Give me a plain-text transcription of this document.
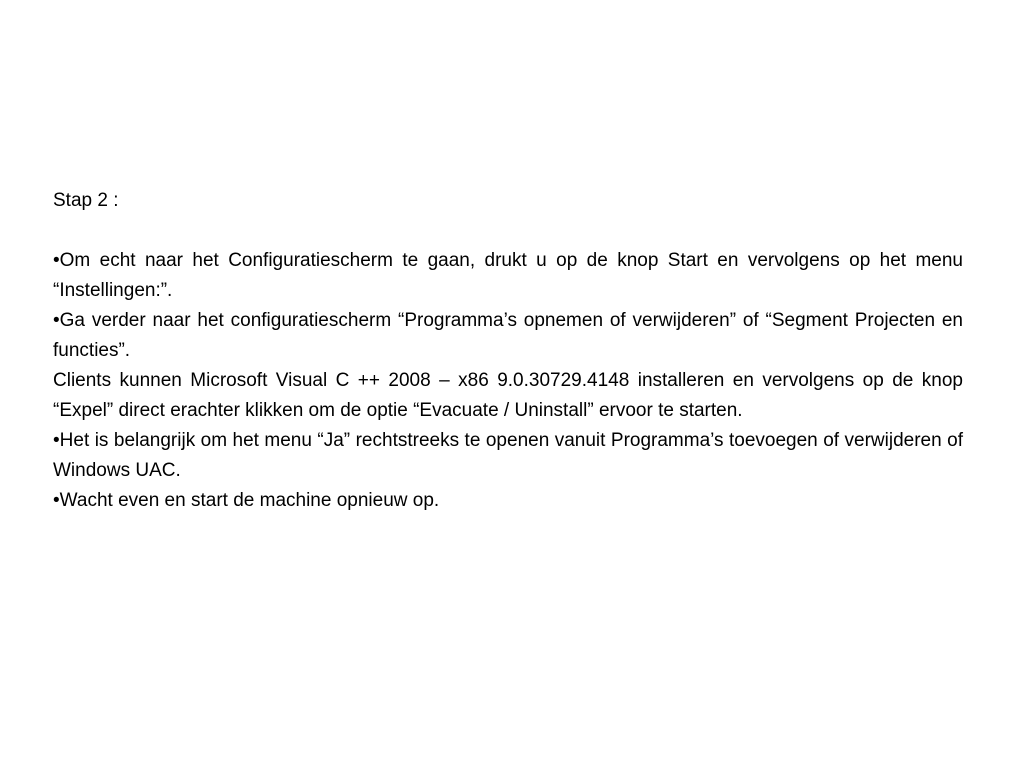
Stap 2 :

•Om echt naar het Configuratiescherm te gaan, drukt u op de knop Start en vervolgens op het menu “Instellingen:”.

•Ga verder naar het configuratiescherm “Programma’s opnemen of verwijderen” of “Segment Projecten en functies”.

Clients kunnen Microsoft Visual C ++ 2008 – x86 9.0.30729.4148 installeren en vervolgens op de knop “Expel” direct erachter klikken om de optie “Evacuate / Uninstall” ervoor te starten.

•Het is belangrijk om het menu “Ja” rechtstreeks te openen vanuit Programma’s toevoegen of verwijderen of Windows UAC.

•Wacht even en start de machine opnieuw op.
